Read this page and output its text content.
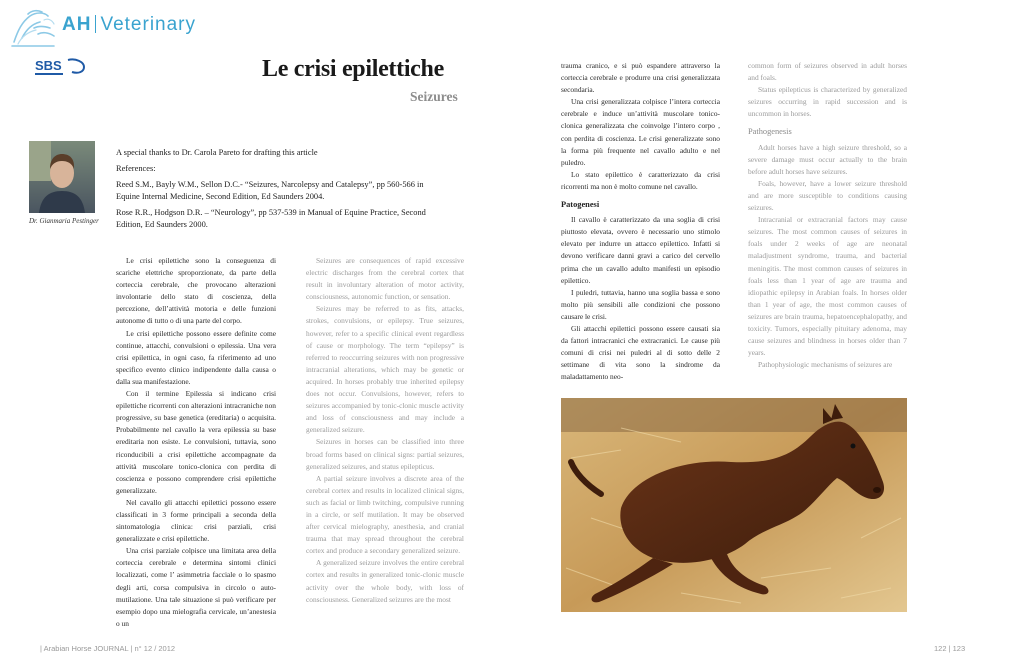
AH Veterinary
SBS	Le crisi epilettiche
Seizures
Dr. Gianmaria Pestinger

A special thanks to Dr. Carola Pareto for drafting this article

References:

Reed S.M., Bayly W.M., Sellon D.C.- “Seizures, Narcolepsy and Catalepsy”, pp 560-566 in Equine Internal Medicine, Second Edition, Ed Saunders 2004.

Rose R.R., Hodgson D.R. – “Neurology”, pp 537-539 in Manual of Equine Practice, Second Edition, Ed Saunders 2000.

Le crisi epilettiche sono la conseguenza di scariche elettriche sproporzionate, da parte della corteccia cerebrale, che provocano alterazioni involontarie dello stato di coscienza, della percezione, dell’attività motoria e delle funzioni autonome di tutto o di una parte del corpo.

Le crisi epilettiche possono essere definite come continue, attacchi, convulsioni o epilessia. Una vera crisi epilettica, in ogni caso, fa riferimento ad uno specifico evento clinico indipendente dalla causa o dalla sua manifestazione.

Con il termine Epilessia si indicano crisi epilettiche ricorrenti con alterazioni intracraniche non progressive, su base genetica (ereditaria) o acquisita. Probabilmente nel cavallo la vera epilessia su base ereditaria non esiste. Le convulsioni, tuttavia, sono riconducibili a crisi epilettiche accompagnate da attività muscolare tonico-clonica con perdita di coscienza e possono comprendere crisi epilettiche generalizzate.

Nel cavallo gli attacchi epilettici possono essere classificati in 3 forme principali a seconda della sintomatologia clinica: crisi parziali, crisi generalizzate e crisi epilettiche.

Una crisi parziale colpisce una limitata area della corteccia cerebrale e determina sintomi clinici localizzati, come l’ asimmetria facciale o lo spasmo degli arti, corsa compulsiva in circolo o auto-mutilazione. Una tale situazione si può verificare per esempio dopo una mielografia cervicale, un’anestesia o un

Seizures are consequences of rapid excessive electric discharges from the cerebral cortex that result in involuntary alteration of motor activity, consciousness, autonomic function, or sensation.

Seizures may be referred to as fits, attacks, strokes, convulsions, or epilepsy. True seizures, however, refer to a specific clinical event regardless of cause or morphology. The term “epilepsy” is referred to reoccurring seizures with non progressive intracranial alterations, which may be genetic or acquired. In horses probably true inherited epilepsy does not occur. Convulsions, however, refers to seizures accompanied by tonic-clonic muscle activity and loss of consciousness and may include a generalized seizure.

Seizures in horses can be classified into three broad forms based on clinical signs: partial seizures, generalized seizures, and status epilepticus.

A partial seizure involves a discrete area of the cerebral cortex and results in localized clinical signs, such as facial or limb twitching, compulsive running in a circle, or self mutilation. It may be observed after cervical mielography, anesthesia, and cranial trauma that may spread throughout the cerebral cortex and produce a secondary generalized seizure.

A generalized seizure involves the entire cerebral cortex and results in generalized tonic-clonic muscle activity over the whole body, with loss of consciousness. Generalized seizures are the most

trauma cranico, e si può espandere attraverso la corteccia cerebrale e produrre una crisi generalizzata secondaria.

Una crisi generalizzata colpisce l’intera corteccia cerebrale e induce un’attività muscolare tonico-clonica generalizzata che coinvolge l’intero corpo , con perdita di coscienza. Le crisi generalizzate sono la forma più frequente nel cavallo adulto e nel puledro.

Lo stato epilettico è caratterizzato da crisi ricorrenti ma non è molto comune nel cavallo.

Patogenesi

Il cavallo è caratterizzato da una soglia di crisi piuttosto elevata, ovvero è necessario uno stimolo elevato per indurre un attacco epilettico. Infatti si devono verificare danni gravi a carico del cervello prima che un cavallo adulto manifesti un episodio epilettico.

I puledri, tuttavia, hanno una soglia bassa e sono molto più sensibili alle condizioni che possono causare le crisi.

Gli attacchi epilettici possono essere causati sia da fattori intracranici che extracranici. Le cause più comuni di crisi nei puledri al di sotto delle 2 settimane di vita sono la sindrome da maladattamento neo-

common form of seizures observed in adult horses and foals.

Status epilepticus is characterized by generalized seizures occurring in rapid succession and is uncommon in horses.

Pathogenesis

Adult horses have a high seizure threshold, so a severe damage must occur actually to the brain before adult horses have seizures.

Foals, however, have a lower seizure threshold and are more susceptible to conditions causing seizures.

Intracranial or extracranial factors may cause seizures. The most common causes of seizures in foals under 2 weeks of age are neonatal maladjustment syndrome, trauma, and bacterial meningitis. The most common causes of seizures in foals less than 1 year of age are trauma and idiopathic epilepsy in Arabian foals. In horses older than 1 year of age, the most common causes of seizures are brain trauma, hepatoencephalopathy, and toxicity. Tumors, especially pituitary adenoma, may cause seizures and blindness in horses older than 7 years.

Pathophysiologic mechanisms of seizures are

| Arabian Horse JOURNAL | n° 12 / 2012	122 | 123
